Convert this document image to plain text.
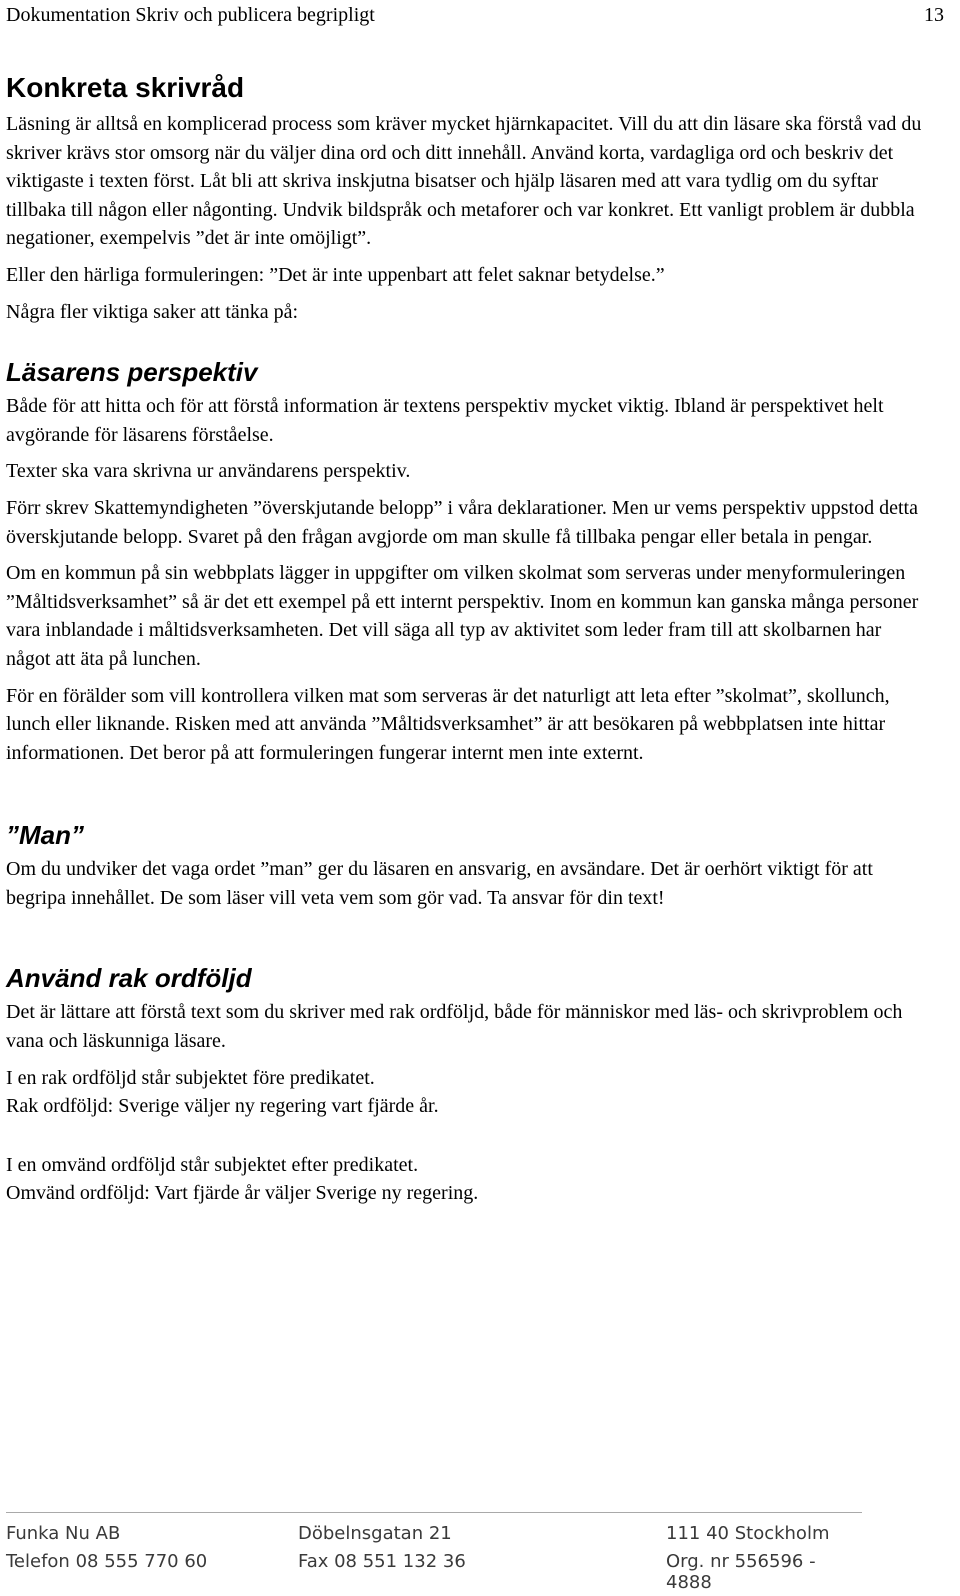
Dokumentation Skriv och publicera begripligt	13
Konkreta skrivråd

Läsning är alltså en komplicerad process som kräver mycket hjärnkapacitet. Vill du att din läsare ska förstå vad du skriver krävs stor omsorg när du väljer dina ord och ditt innehåll. Använd korta, vardagliga ord och beskriv det viktigaste i texten först. Låt bli att skriva inskjutna bisatser och hjälp läsaren med att vara tydlig om du syftar tillbaka till någon eller någonting. Undvik bildspråk och metaforer och var konkret. Ett vanligt problem är dubbla negationer, exempelvis ”det är inte omöjligt”.

Eller den härliga formuleringen: ”Det är inte uppenbart att felet saknar betydelse.”

Några fler viktiga saker att tänka på:

Läsarens perspektiv

Både för att hitta och för att förstå information är textens perspektiv mycket viktig. Ibland är perspektivet helt avgörande för läsarens förståelse.

Texter ska vara skrivna ur användarens perspektiv.

Förr skrev Skattemyndigheten ”överskjutande belopp” i våra deklarationer. Men ur vems perspektiv uppstod detta överskjutande belopp. Svaret på den frågan avgjorde om man skulle få tillbaka pengar eller betala in pengar.

Om en kommun på sin webbplats lägger in uppgifter om vilken skolmat som serveras under menyformuleringen ”Måltidsverksamhet” så är det ett exempel på ett internt perspektiv. Inom en kommun kan ganska många personer vara inblandade i måltidsverksamheten. Det vill säga all typ av aktivitet som leder fram till att skolbarnen har något att äta på lunchen.

För en förälder som vill kontrollera vilken mat som serveras är det naturligt att leta efter ”skolmat”, skollunch, lunch eller liknande. Risken med att använda ”Måltidsverksamhet” är att besökaren på webbplatsen inte hittar informationen. Det beror på att formuleringen fungerar internt men inte externt.

”Man”

Om du undviker det vaga ordet ”man” ger du läsaren en ansvarig, en avsändare. Det är oerhört viktigt för att begripa innehållet. De som läser vill veta vem som gör vad. Ta ansvar för din text!

Använd rak ordföljd

Det är lättare att förstå text som du skriver med rak ordföljd, både för människor med läs- och skrivproblem och vana och läskunniga läsare.

I en rak ordföljd står subjektet före predikatet.

Rak ordföljd: Sverige väljer ny regering vart fjärde år.

I en omvänd ordföljd står subjektet efter predikatet.

Omvänd ordföljd: Vart fjärde år väljer Sverige ny regering.

Funka Nu AB	Döbelnsgatan 21	111 40 Stockholm
Telefon 08 555 770 60	Fax 08 551 132 36	Org. nr 556596 - 4888
